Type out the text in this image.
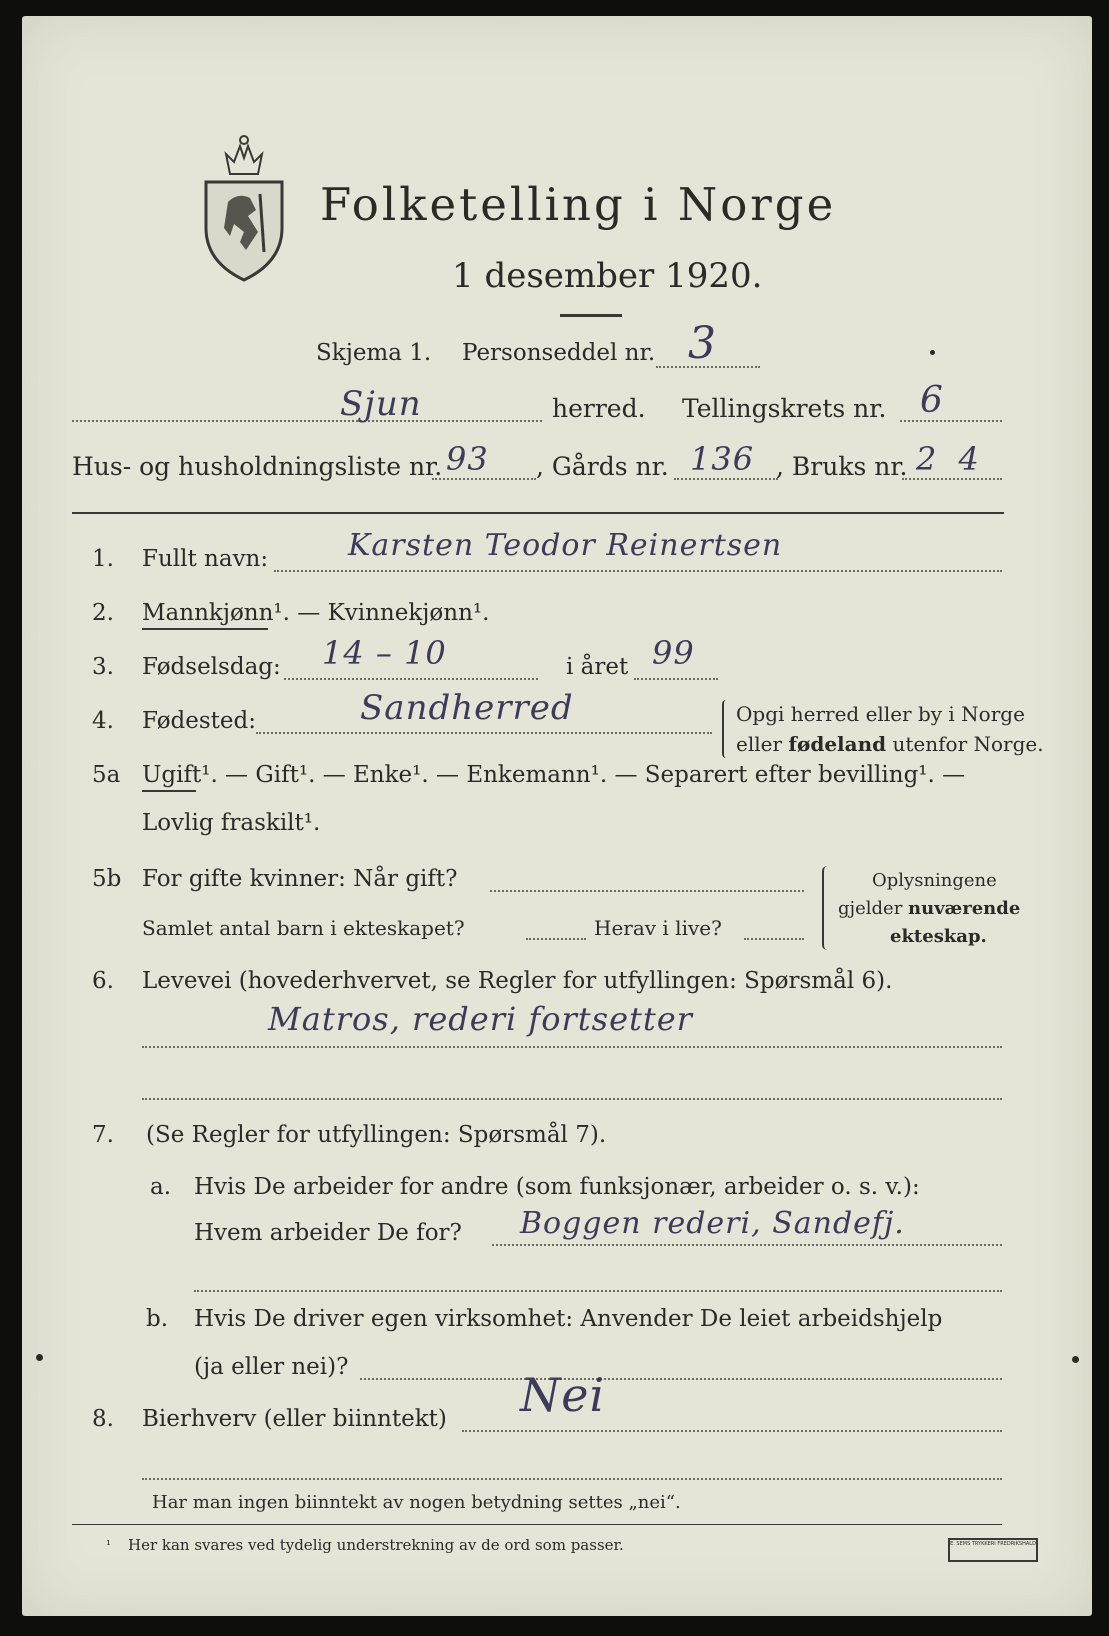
Folketelling i Norge
1 desember 1920.
Skjema 1. Personseddel nr. 3
Sjun	herred. Tellingskrets nr. 6
Hus- og husholdningsliste nr. 93 , Gårds nr. 136 , Bruks nr. 2 4
1. Fullt navn:	Karsten Teodor Reinertsen
2. Mannkjønn¹. — Kvinnekjønn¹.
3. Fødselsdag: 14 – 10	i året 99
4. Fødested:	Sandherred	Opgi herred eller by i Norge
eller fødeland utenfor Norge.
5a Ugift¹. — Gift¹. — Enke¹. — Enkemann¹. — Separert efter bevilling¹. —
Lovlig fraskilt¹.
5b For gifte kvinner: Når gift?
Samlet antal barn i ekteskapet?	Herav i live?
Oplysningene
gjelder nuværende
ekteskap.
6. Levevei (hovederhvervet, se Regler for utfyllingen: Spørsmål 6).
Matros, rederi fortsetter
7. (Se Regler for utfyllingen: Spørsmål 7).
a. Hvis De arbeider for andre (som funksjonær, arbeider o. s. v.):
Hvem arbeider De for? Boggen rederi, Sandefj.
b. Hvis De driver egen virksomhet: Anvender De leiet arbeidshjelp
(ja eller nei)?
8. Bierhverv (eller biinntekt) Nei
Har man ingen biinntekt av nogen betydning settes „nei“.
¹ Her kan svares ved tydelig understrekning av de ord som passer.	E. SEMS TRYKKERI FREDRIKSHALD
